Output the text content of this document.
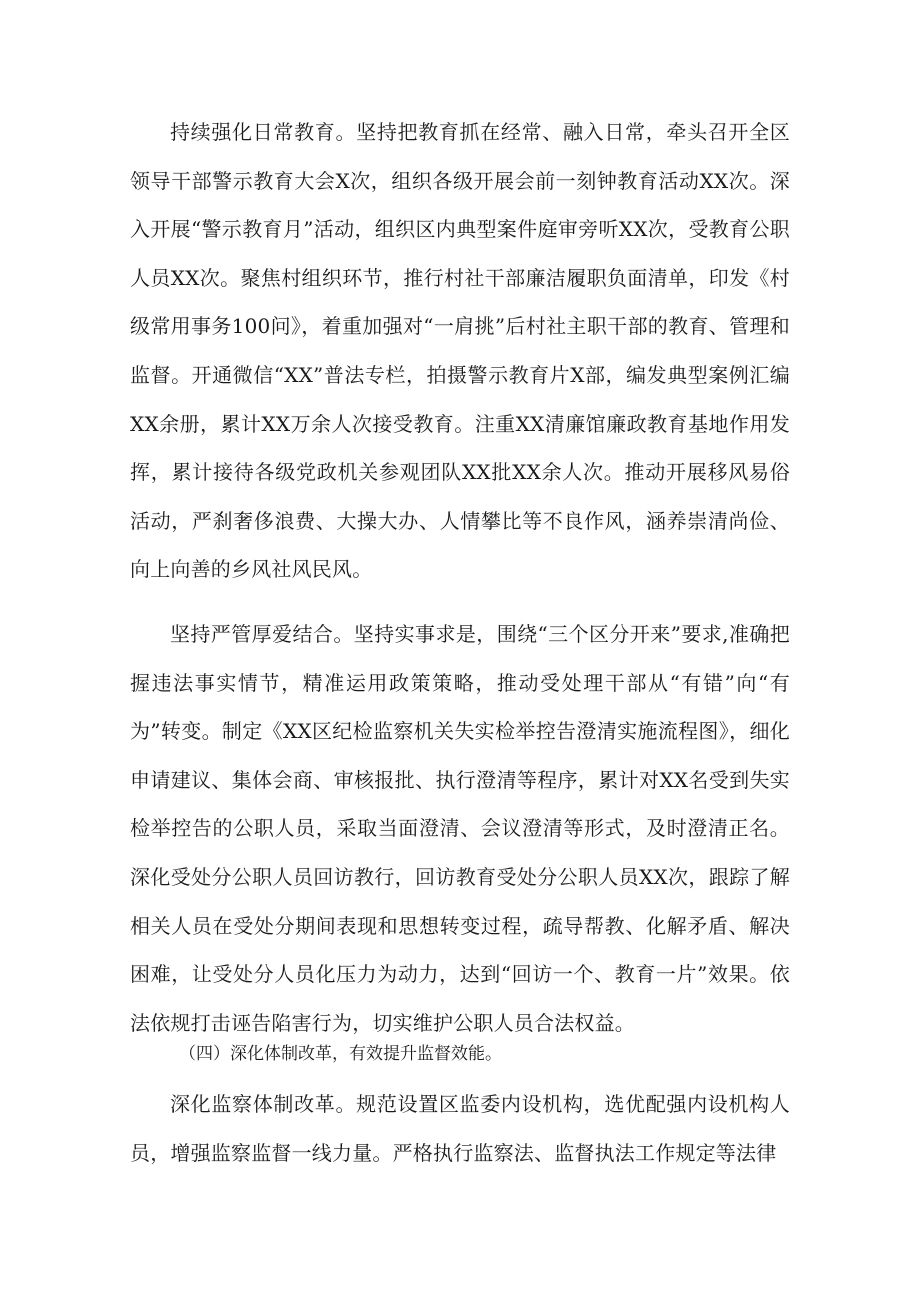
持续强化日常教育。坚持把教育抓在经常、融入日常，牵头召开全区领导干部警示教育大会X次，组织各级开展会前一刻钟教育活动XX次。深入开展“警示教育月”活动，组织区内典型案件庭审旁听XX次，受教育公职人员XX次。聚焦村组织环节，推行村社干部廉洁履职负面清单，印发《村级常用事务100问》，着重加强对“一肩挑”后村社主职干部的教育、管理和监督。开通微信“XX”普法专栏，拍摄警示教育片X部，编发典型案例汇编XX余册，累计XX万余人次接受教育。注重XX清廉馆廉政教育基地作用发挥，累计接待各级党政机关参观团队XX批XX余人次。推动开展移风易俗活动，严刹奢侈浪费、大操大办、人情攀比等不良作风，涵养崇清尚俭、向上向善的乡风社风民风。

坚持严管厚爱结合。坚持实事求是，围绕“三个区分开来”要求,准确把握违法事实情节，精准运用政策策略，推动受处理干部从“有错”向“有为”转变。制定《XX区纪检监察机关失实检举控告澄清实施流程图》，细化申请建议、集体会商、审核报批、执行澄清等程序，累计对XX名受到失实检举控告的公职人员，采取当面澄清、会议澄清等形式，及时澄清正名。深化受处分公职人员回访教行，回访教育受处分公职人员XX次，跟踪了解相关人员在受处分期间表现和思想转变过程，疏导帮教、化解矛盾、解决困难，让受处分人员化压力为动力，达到“回访一个、教育一片”效果。依法依规打击诬告陷害行为，切实维护公职人员合法权益。

（四）深化体制改革，有效提升监督效能。

深化监察体制改革。规范设置区监委内设机构，选优配强内设机构人员，增强监察监督一线力量。严格执行监察法、监督执法工作规定等法律
